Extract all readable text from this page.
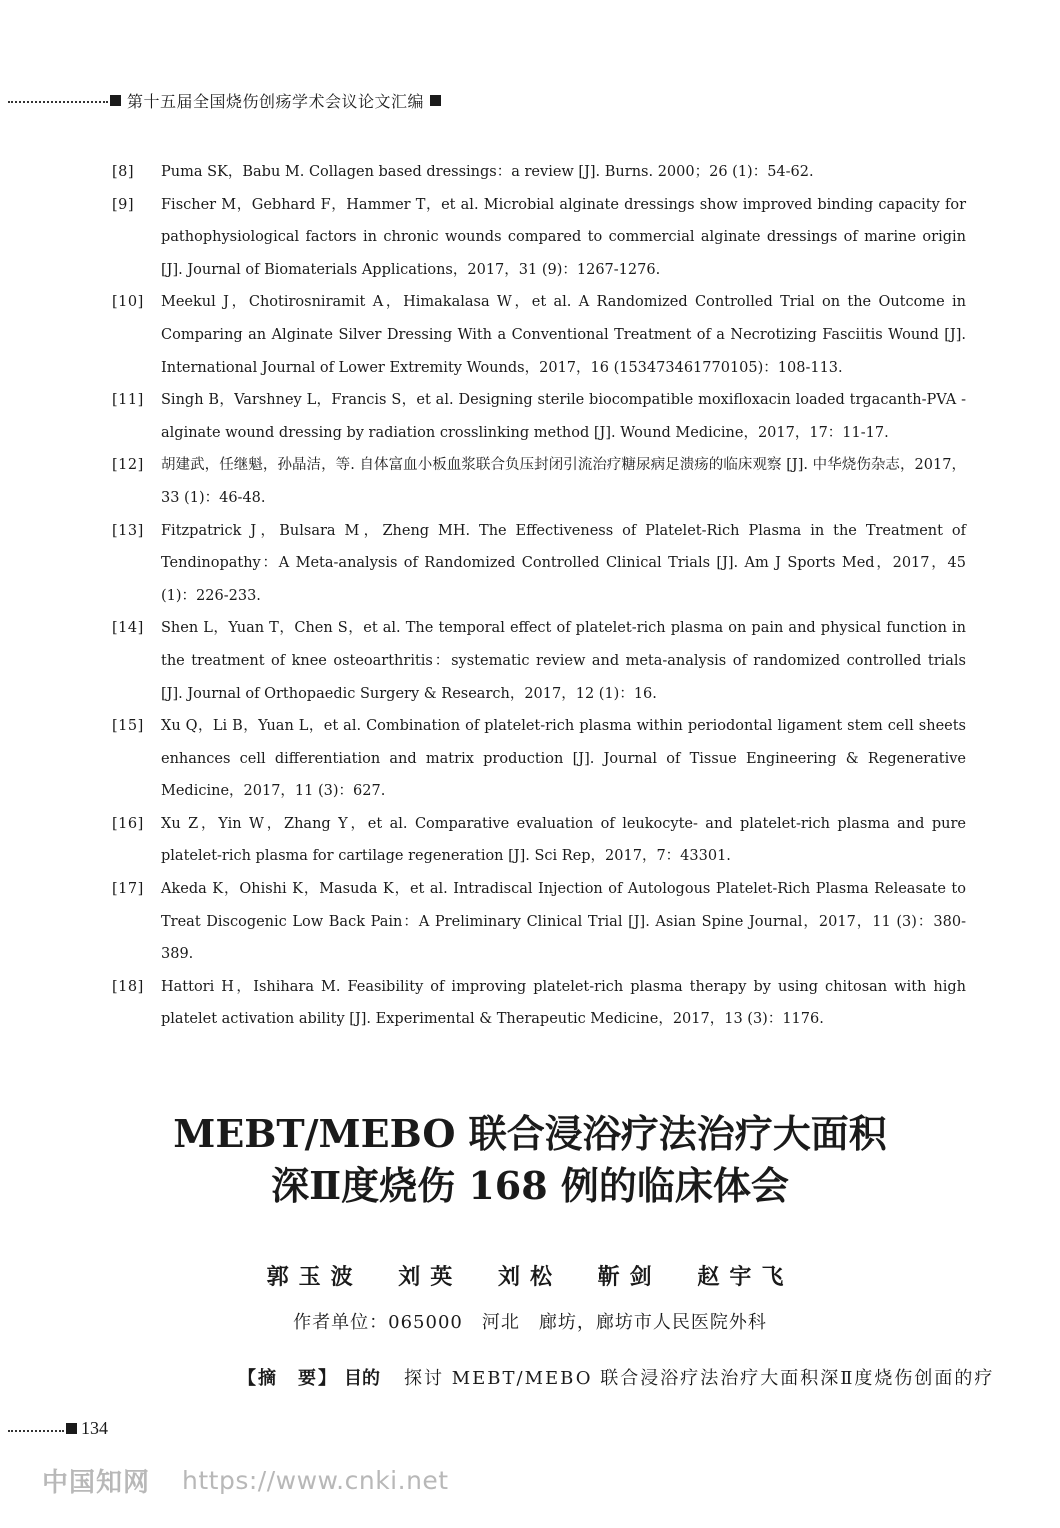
第十五届全国烧伤创疡学术会议论文汇编
[8]	Puma SK，Babu M. Collagen based dressings：a review [J]. Burns. 2000；26 (1)：54-62.
[9]	Fischer M，Gebhard F，Hammer T，et al. Microbial alginate dressings show improved binding capacity for pathophysiological factors in chronic wounds compared to commercial alginate dressings of marine origin [J]. Journal of Biomaterials Applications，2017，31 (9)：1267-1276.
[10]	Meekul J，Chotirosniramit A，Himakalasa W，et al. A Randomized Controlled Trial on the Outcome in Comparing an Alginate Silver Dressing With a Conventional Treatment of a Necrotizing Fasciitis Wound [J]. International Journal of Lower Extremity Wounds，2017，16 (153473461770105)：108-113.
[11]	Singh B，Varshney L，Francis S，et al. Designing sterile biocompatible moxifloxacin loaded trgacanth-PVA -alginate wound dressing by radiation crosslinking method [J]. Wound Medicine，2017，17：11-17.
[12]	胡建武，任继魁，孙晶洁，等. 自体富血小板血浆联合负压封闭引流治疗糖尿病足溃疡的临床观察 [J]. 中华烧伤杂志，2017，33 (1)：46-48.
[13]	Fitzpatrick J，Bulsara M，Zheng MH. The Effectiveness of Platelet-Rich Plasma in the Treatment of Tendinopathy：A Meta-analysis of Randomized Controlled Clinical Trials [J]. Am J Sports Med，2017，45 (1)：226-233.
[14]	Shen L，Yuan T，Chen S，et al. The temporal effect of platelet-rich plasma on pain and physical function in the treatment of knee osteoarthritis：systematic review and meta-analysis of randomized controlled trials [J]. Journal of Orthopaedic Surgery & Research，2017，12 (1)：16.
[15]	Xu Q，Li B，Yuan L，et al. Combination of platelet-rich plasma within periodontal ligament stem cell sheets enhances cell differentiation and matrix production [J]. Journal of Tissue Engineering & Regenerative Medicine，2017，11 (3)：627.
[16]	Xu Z，Yin W，Zhang Y，et al. Comparative evaluation of leukocyte- and platelet-rich plasma and pure platelet-rich plasma for cartilage regeneration [J]. Sci Rep，2017，7：43301.
[17]	Akeda K，Ohishi K，Masuda K，et al. Intradiscal Injection of Autologous Platelet-Rich Plasma Releasate to Treat Discogenic Low Back Pain：A Preliminary Clinical Trial [J]. Asian Spine Journal，2017，11 (3)：380-389.
[18]	Hattori H，Ishihara M. Feasibility of improving platelet-rich plasma therapy by using chitosan with high platelet activation ability [J]. Experimental & Therapeutic Medicine，2017，13 (3)：1176.
MEBT/MEBO 联合浸浴疗法治疗大面积
深Ⅱ度烧伤 168 例的临床体会
郭玉波 刘英 刘松 靳剑 赵宇飞
作者单位：065000　河北　廊坊，廊坊市人民医院外科
【摘　要】 目的 探讨 MEBT/MEBO 联合浸浴疗法治疗大面积深Ⅱ度烧伤创面的疗
134
中国知网 https://www.cnki.net
